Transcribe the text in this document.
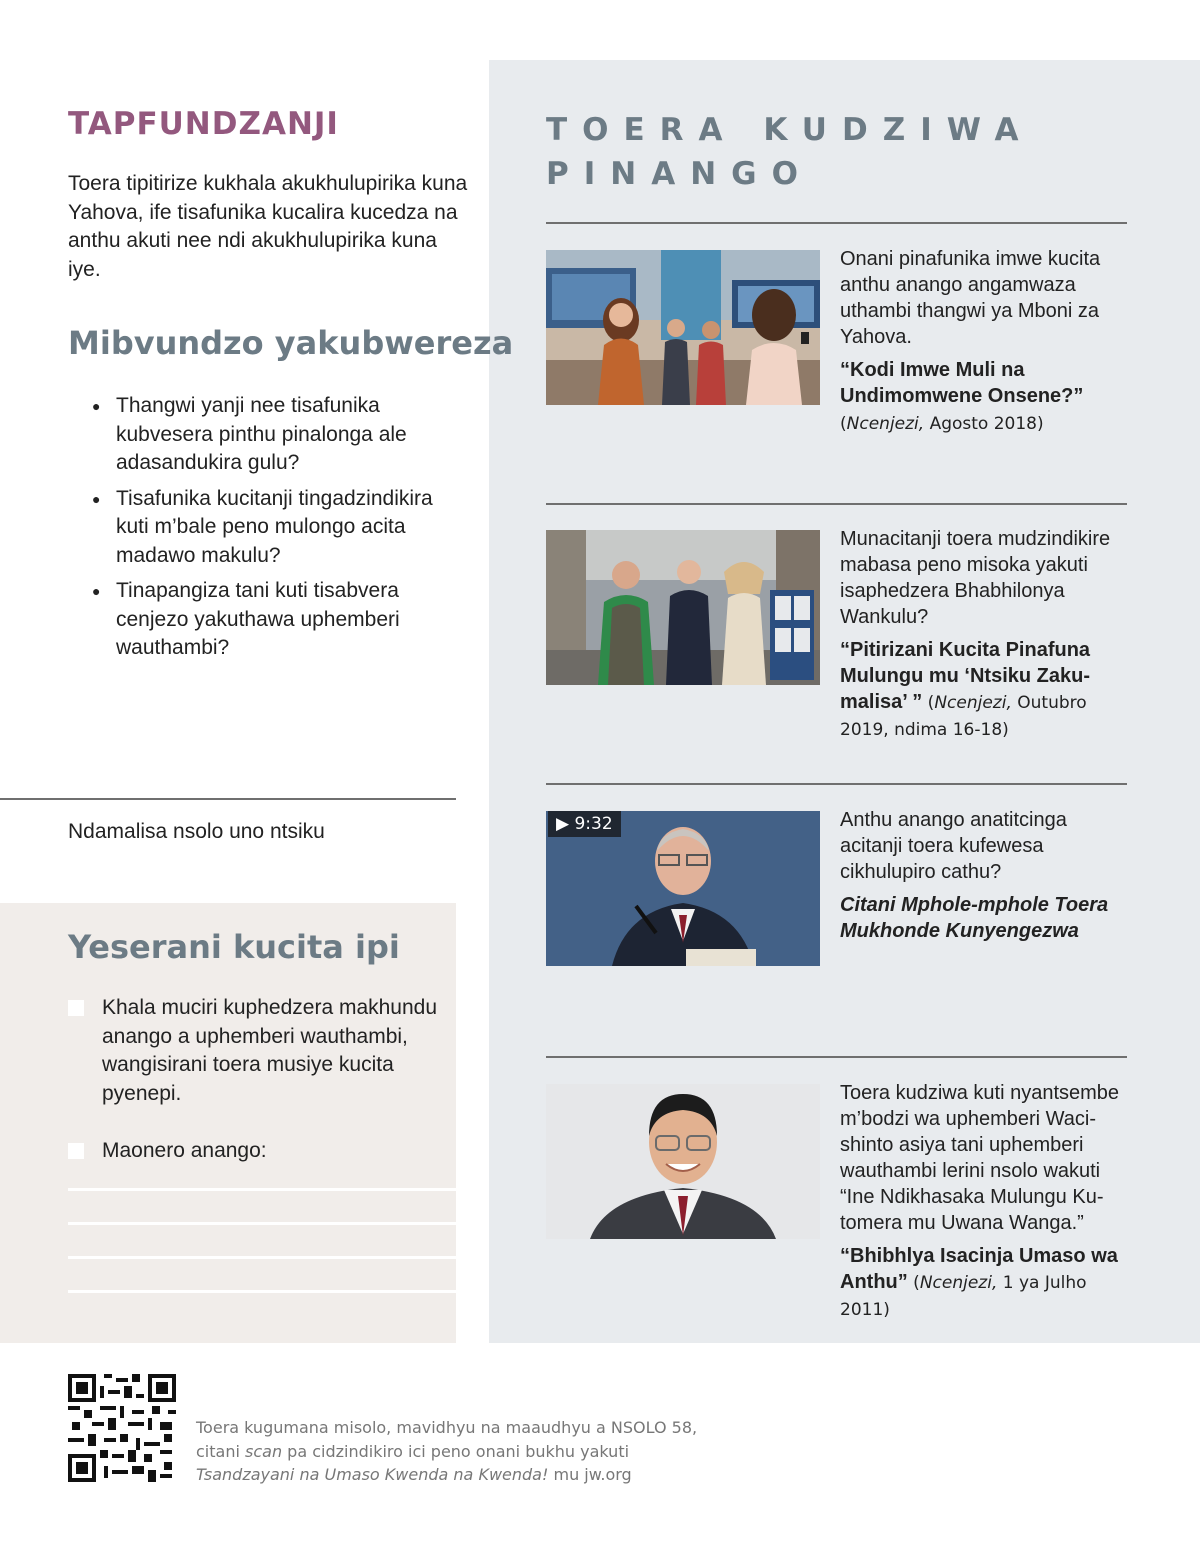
TAPFUNDZANJI

Toera tipitirize kukhala akukhulupirika kuna Yahova, ife tisafunika kucalira kucedza na anthu akuti nee ndi akukhulupirika kuna iye.

Mibvundzo yakubwereza
● Thangwi yanji nee tisafunika kubvesera pinthu pinalonga ale adasandukira gulu?
● Tisafunika kucitanji tingadzindikira kuti m’bale peno mulongo acita madawo makulu?
● Tinapangiza tani kuti tisabvera cenjezo yakuthawa uphemberi wauthambi?
Ndamalisa nsolo uno ntsiku
Yeserani kucita ipi
Khala muciri kuphedzera makhundu anango a uphemberi wauthambi, wangisirani toera musiye kucita pyenepi.
Maonero anango:
TOERA KUDZIWA PINANGO
Onani pinafunika imwe kucita anthu anango angamwaza uthambi thangwi ya Mboni za Yahova.
“Kodi Imwe Muli na Undimomwene Onsene?” (Ncenjezi, Agosto 2018)
Munacitanji toera mudzindikire mabasa peno misoka yakuti isaphedzera Bhabhilonya Wankulu?
“Pitirizani Kucita Pinafuna Mulungu mu ‘Ntsiku Zakumalisa’ ” (Ncenjezi, Outubro 2019, ndima 16-18)
▶ 9:32	Anthu anango anatitcinga acitanji toera kufewesa cikhulupiro cathu?
Citani Mphole-mphole Toera Mukhonde Kunyengezwa
Toera kudziwa kuti nyantsembe m’bodzi wa uphemberi Wacishinto asiya tani uphemberi wauthambi lerini nsolo wakuti “Ine Ndikhasaka Mulungu Kutomera mu Uwana Wanga.”
“Bhibhlya Isacinja Umaso wa Anthu” (Ncenjezi, 1 ya Julho 2011)
Toera kugumana misolo, mavidhyu na maaudhyu a NSOLO 58,
citani scan pa cidzindikiro ici peno onani bukhu yakuti
Tsandzayani na Umaso Kwenda na Kwenda! mu jw.org
